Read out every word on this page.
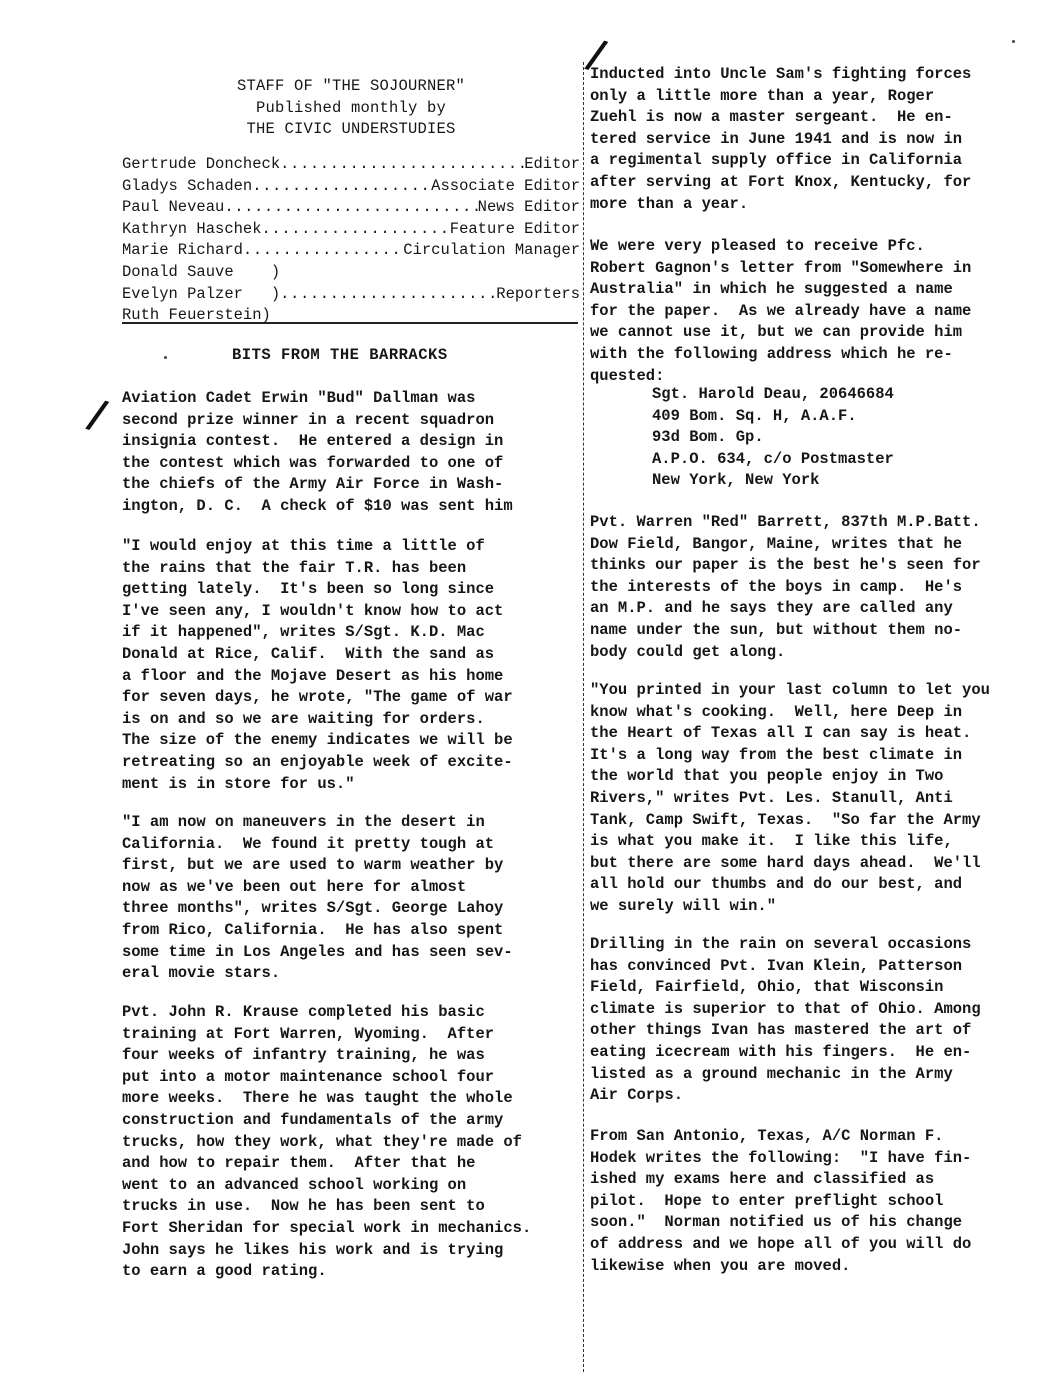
/
/
STAFF OF "THE SOJOURNER"
Published monthly by
THE CIVIC UNDERSTUDIES
Gertrude Doncheck .....	Editor
Gladys Schaden .....	Associate Editor
Paul Neveau .....	News Editor
Kathryn Haschek .....	Feature Editor
Marie Richard .....	Circulation Manager
Donald Sauve    )
Evelyn Palzer   ) .....	Reporters
Ruth Feuerstein)
BITS FROM THE BARRACKS
Aviation Cadet Erwin "Bud" Dallman was
second prize winner in a recent squadron
insignia contest.  He entered a design in
the contest which was forwarded to one of
the chiefs of the Army Air Force in Wash-
ington, D. C.  A check of $10 was sent him
"I would enjoy at this time a little of
the rains that the fair T.R. has been
getting lately.  It's been so long since
I've seen any, I wouldn't know how to act
if it happened", writes S/Sgt. K.D. Mac
Donald at Rice, Calif.  With the sand as
a floor and the Mojave Desert as his home
for seven days, he wrote, "The game of war
is on and so we are waiting for orders.
The size of the enemy indicates we will be
retreating so an enjoyable week of excite-
ment is in store for us."
"I am now on maneuvers in the desert in
California.  We found it pretty tough at
first, but we are used to warm weather by
now as we've been out here for almost
three months", writes S/Sgt. George Lahoy
from Rico, California.  He has also spent
some time in Los Angeles and has seen sev-
eral movie stars.
Pvt. John R. Krause completed his basic
training at Fort Warren, Wyoming.  After
four weeks of infantry training, he was
put into a motor maintenance school four
more weeks.  There he was taught the whole
construction and fundamentals of the army
trucks, how they work, what they're made of
and how to repair them.  After that he
went to an advanced school working on
trucks in use.  Now he has been sent to
Fort Sheridan for special work in mechanics.
John says he likes his work and is trying
to earn a good rating.
Inducted into Uncle Sam's fighting forces
only a little more than a year, Roger
Zuehl is now a master sergeant.  He en-
tered service in June 1941 and is now in
a regimental supply office in California
after serving at Fort Knox, Kentucky, for
more than a year.
We were very pleased to receive Pfc.
Robert Gagnon's letter from "Somewhere in
Australia" in which he suggested a name
for the paper.  As we already have a name
we cannot use it, but we can provide him
with the following address which he re-
quested:
Sgt. Harold Deau, 20646684
409 Bom. Sq. H, A.A.F.
93d Bom. Gp.
A.P.O. 634, c/o Postmaster
New York, New York
Pvt. Warren "Red" Barrett, 837th M.P.Batt.
Dow Field, Bangor, Maine, writes that he
thinks our paper is the best he's seen for
the interests of the boys in camp.  He's
an M.P. and he says they are called any
name under the sun, but without them no-
body could get along.
"You printed in your last column to let you
know what's cooking.  Well, here Deep in
the Heart of Texas all I can say is heat.
It's a long way from the best climate in
the world that you people enjoy in Two
Rivers," writes Pvt. Les. Stanull, Anti
Tank, Camp Swift, Texas.  "So far the Army
is what you make it.  I like this life,
but there are some hard days ahead.  We'll
all hold our thumbs and do our best, and
we surely will win."
Drilling in the rain on several occasions
has convinced Pvt. Ivan Klein, Patterson
Field, Fairfield, Ohio, that Wisconsin
climate is superior to that of Ohio. Among
other things Ivan has mastered the art of
eating icecream with his fingers.  He en-
listed as a ground mechanic in the Army
Air Corps.
From San Antonio, Texas, A/C Norman F.
Hodek writes the following:  "I have fin-
ished my exams here and classified as
pilot.  Hope to enter preflight school
soon."  Norman notified us of his change
of address and we hope all of you will do
likewise when you are moved.
